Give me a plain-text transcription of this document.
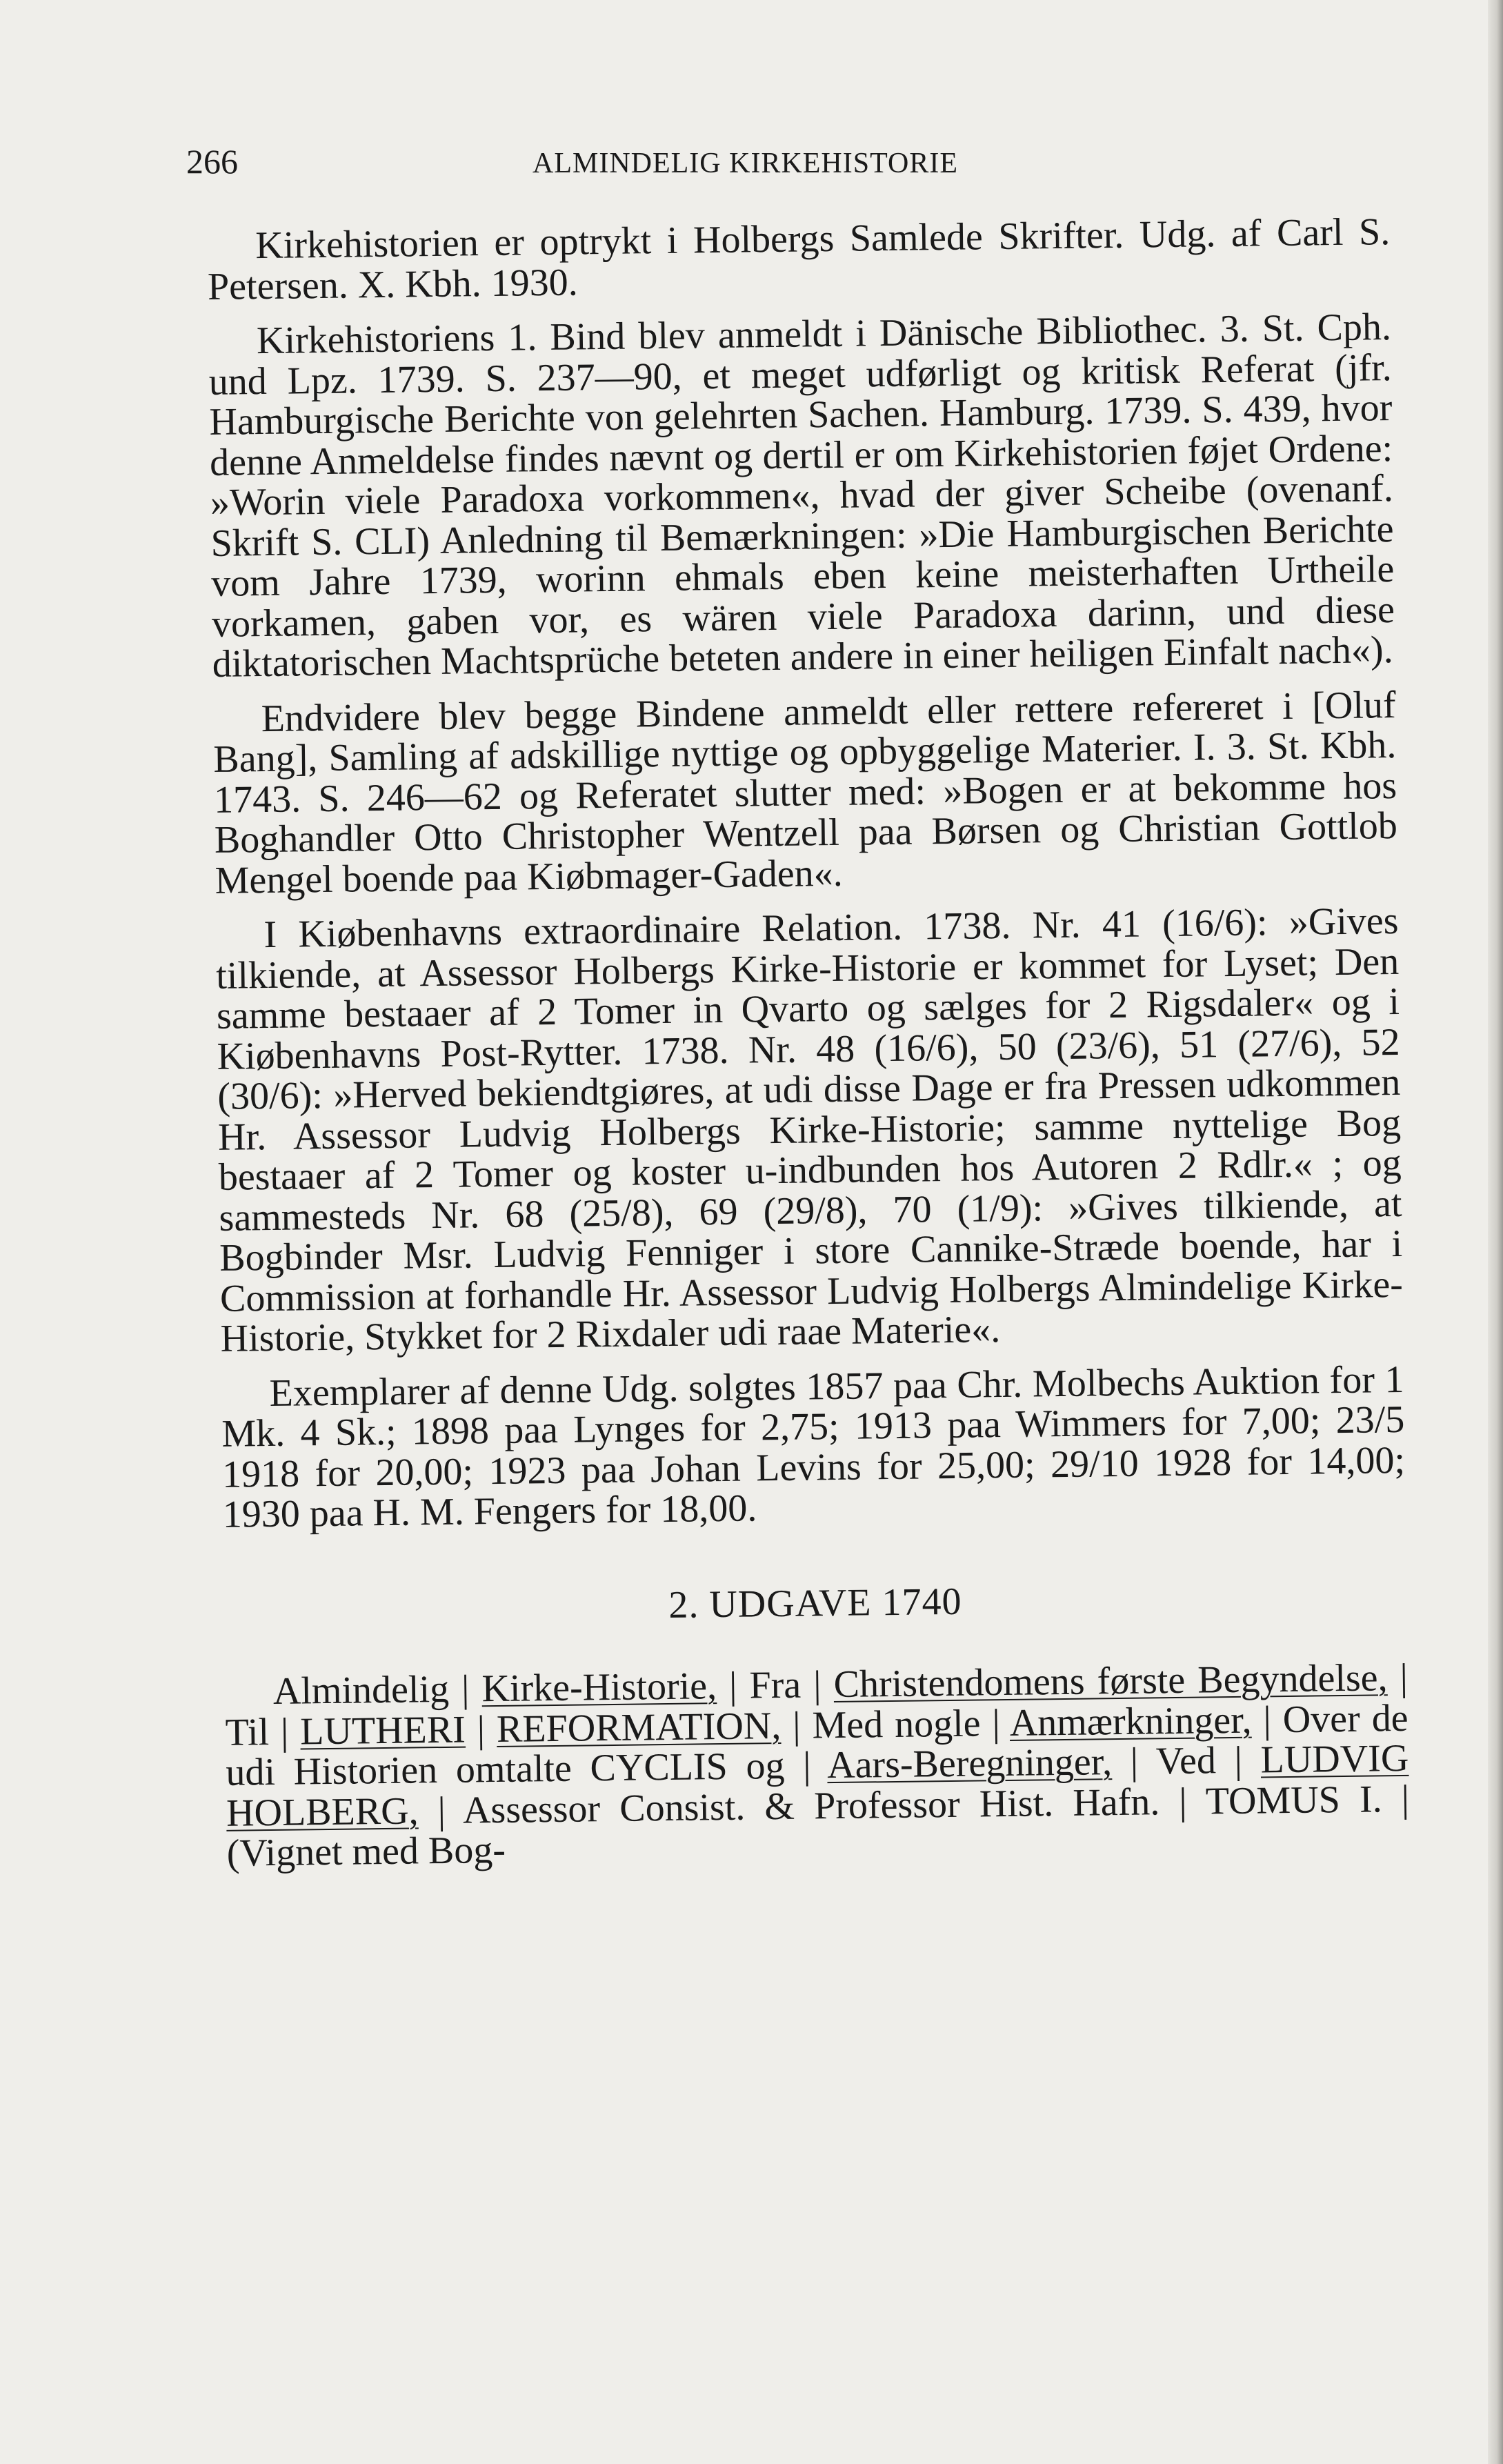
266	ALMINDELIG KIRKEHISTORIE

Kirkehistorien er optrykt i Holbergs Samlede Skrifter. Udg. af Carl S. Petersen. X. Kbh. 1930.

Kirkehistoriens 1. Bind blev anmeldt i Dänische Bibliothec. 3. St. Cph. und Lpz. 1739. S. 237—90, et meget udførligt og kritisk Referat (jfr. Hamburgische Berichte von gelehrten Sachen. Hamburg. 1739. S. 439, hvor denne Anmeldelse findes nævnt og dertil er om Kirkehistorien føjet Ordene: »Worin viele Paradoxa vorkommen«, hvad der giver Scheibe (ovenanf. Skrift S. CLI) Anledning til Bemærkningen: »Die Hamburgischen Berichte vom Jahre 1739, worinn ehmals eben keine meisterhaften Urtheile vorkamen, gaben vor, es wären viele Paradoxa darinn, und diese diktatorischen Machtsprüche beteten andere in einer heiligen Einfalt nach«).

Endvidere blev begge Bindene anmeldt eller rettere refereret i [Oluf Bang], Samling af adskillige nyttige og opbyggelige Materier. I. 3. St. Kbh. 1743. S. 246—62 og Referatet slutter med: »Bogen er at bekomme hos Boghandler Otto Christopher Wentzell paa Børsen og Christian Gottlob Mengel boende paa Kiøbmager-Gaden«.

I Kiøbenhavns extraordinaire Relation. 1738. Nr. 41 (16/6): »Gives tilkiende, at Assessor Holbergs Kirke-Historie er kommet for Lyset; Den samme bestaaer af 2 Tomer in Qvarto og sælges for 2 Rigsdaler« og i Kiøbenhavns Post-Rytter. 1738. Nr. 48 (16/6), 50 (23/6), 51 (27/6), 52 (30/6): »Herved bekiendtgiøres, at udi disse Dage er fra Pressen udkommen Hr. Assessor Ludvig Holbergs Kirke-Historie; samme nyttelige Bog bestaaer af 2 Tomer og koster u-indbunden hos Autoren 2 Rdlr.« ; og sammesteds Nr. 68 (25/8), 69 (29/8), 70 (1/9): »Gives tilkiende, at Bogbinder Msr. Ludvig Fenniger i store Cannike-Stræde boende, har i Commission at forhandle Hr. Assessor Ludvig Holbergs Almindelige Kirke-Historie, Stykket for 2 Rixdaler udi raae Materie«.

Exemplarer af denne Udg. solgtes 1857 paa Chr. Molbechs Auktion for 1 Mk. 4 Sk.; 1898 paa Lynges for 2,75; 1913 paa Wimmers for 7,00; 23/5 1918 for 20,00; 1923 paa Johan Levins for 25,00; 29/10 1928 for 14,00; 1930 paa H. M. Fengers for 18,00.

2. UDGAVE 1740

Almindelig | Kirke-Historie, | Fra | Christendomens første Begyndelse, | Til | LUTHERI | REFORMATION, | Med nogle | Anmærkninger, | Over de udi Historien omtalte CYCLIS og | Aars-Beregninger, | Ved | LUDVIG HOLBERG, | Assessor Consist. & Professor Hist. Hafn. | TOMUS I. | (Vignet med Bog-
